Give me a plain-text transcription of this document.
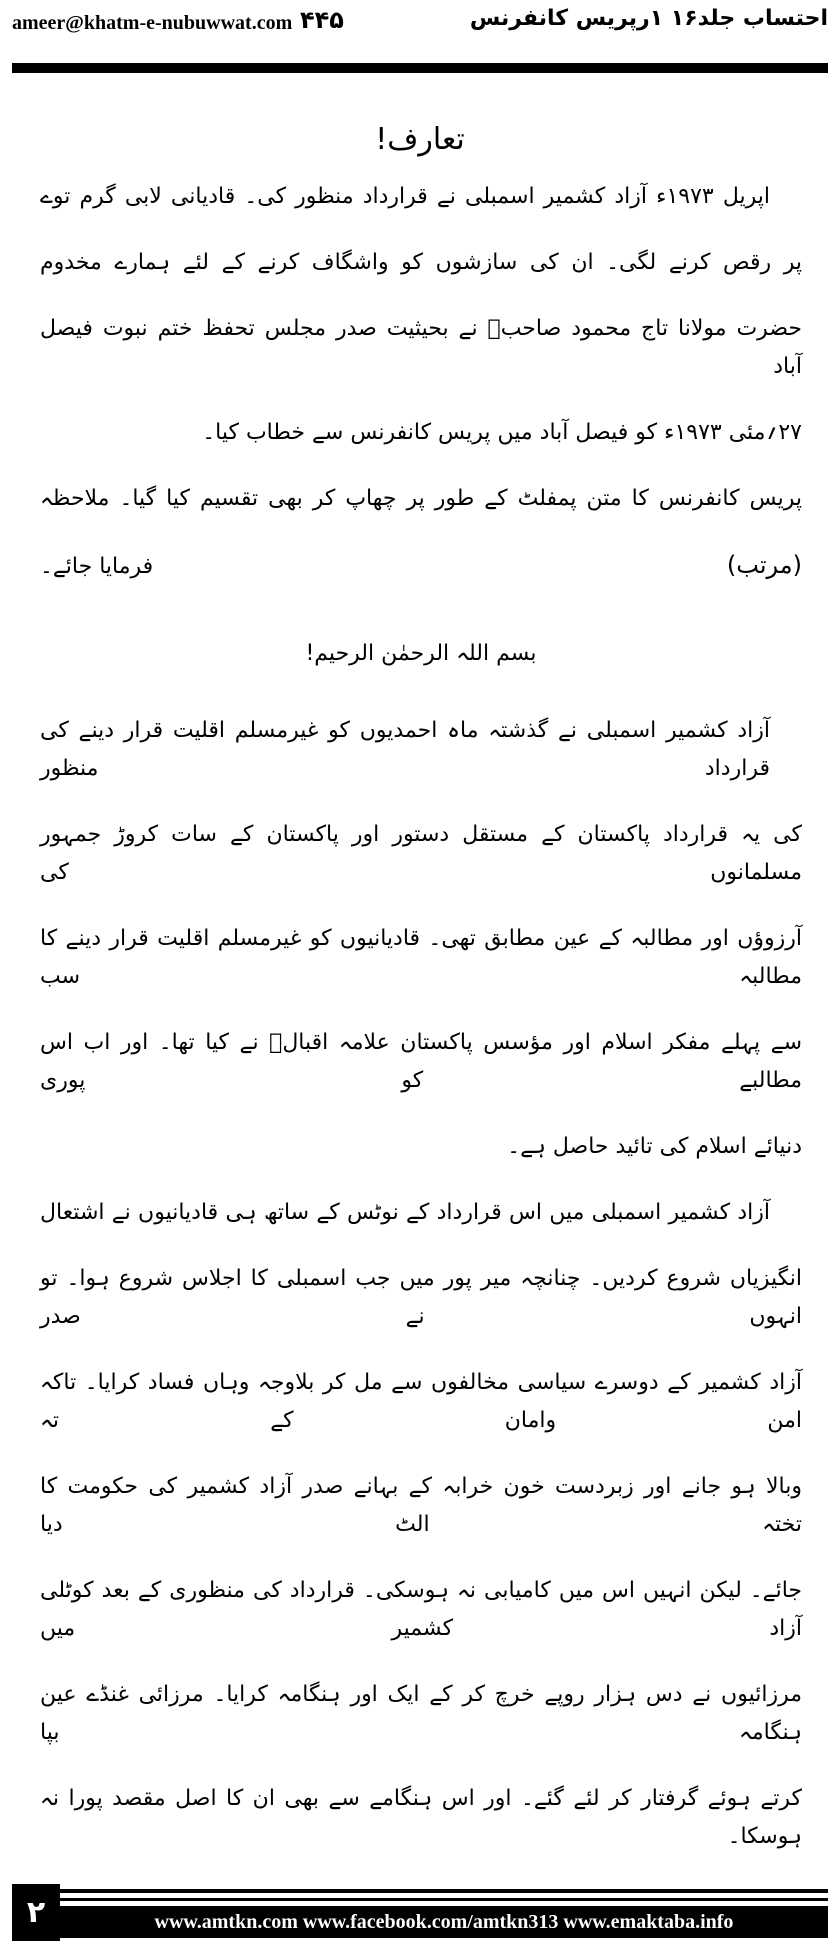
ameer@khatm-e-nubuwwat.com ۴۴۵	احتساب جلد۱۶ ۱رپریس کانفرنس
تعارف!
اپریل ۱۹۷۳ء آزاد کشمیر اسمبلی نے قرارداد منظور کی۔ قادیانی لابی گرم توے
پر رقص کرنے لگی۔ ان کی سازشوں کو واشگاف کرنے کے لئے ہمارے مخدوم
حضرت مولانا تاج محمود صاحبؒ نے بحیثیت صدر مجلس تحفظ ختم نبوت فیصل آباد
۲۷؍مئی ۱۹۷۳ء کو فیصل آباد میں پریس کانفرنس سے خطاب کیا۔
پریس کانفرنس کا متن پمفلٹ کے طور پر چھاپ کر بھی تقسیم کیا گیا۔ ملاحظہ
فرمایا جائے۔	(مرتب)
بسم اللہ الرحمٰن الرحیم!
آزاد کشمیر اسمبلی نے گذشتہ ماہ احمدیوں کو غیرمسلم اقلیت قرار دینے کی قرارداد منظور
کی یہ قرارداد پاکستان کے مستقل دستور اور پاکستان کے سات کروڑ جمہور مسلمانوں کی
آرزوؤں اور مطالبہ کے عین مطابق تھی۔ قادیانیوں کو غیرمسلم اقلیت قرار دینے کا مطالبہ سب
سے پہلے مفکر اسلام اور مؤسس پاکستان علامہ اقبالؒ نے کیا تھا۔ اور اب اس مطالبے کو پوری
دنیائے اسلام کی تائید حاصل ہے۔
آزاد کشمیر اسمبلی میں اس قرارداد کے نوٹس کے ساتھ ہی قادیانیوں نے اشتعال
انگیزیاں شروع کردیں۔ چنانچہ میر پور میں جب اسمبلی کا اجلاس شروع ہوا۔ تو انہوں نے صدر
آزاد کشمیر کے دوسرے سیاسی مخالفوں سے مل کر بلاوجہ وہاں فساد کرایا۔ تاکہ امن وامان کے تہ
وبالا ہو جانے اور زبردست خون خرابہ کے بہانے صدر آزاد کشمیر کی حکومت کا تختہ الٹ دیا
جائے۔ لیکن انہیں اس میں کامیابی نہ ہوسکی۔ قرارداد کی منظوری کے بعد کوٹلی آزاد کشمیر میں
مرزائیوں نے دس ہزار روپے خرچ کر کے ایک اور ہنگامہ کرایا۔ مرزائی غنڈے عین ہنگامہ بپا
کرتے ہوئے گرفتار کر لئے گئے۔ اور اس ہنگامے سے بھی ان کا اصل مقصد پورا نہ ہوسکا۔
۲	www.amtkn.com www.facebook.com/amtkn313 www.emaktaba.info
